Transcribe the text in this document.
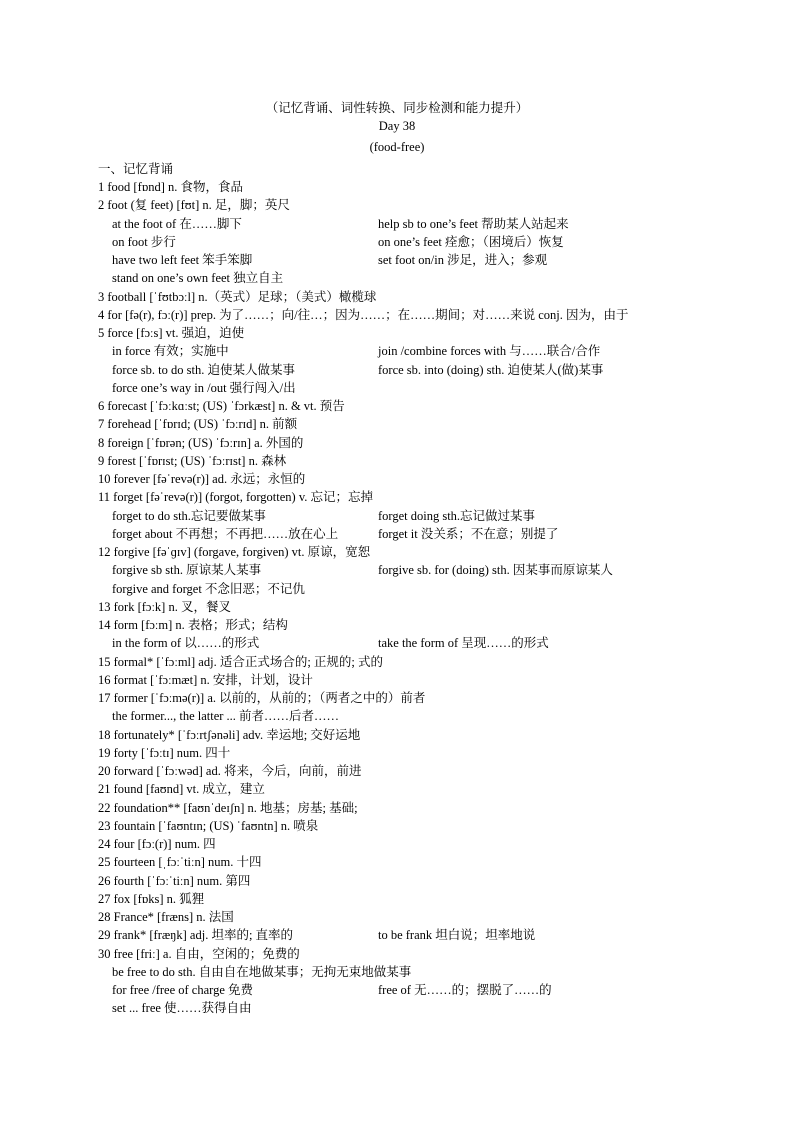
（记忆背诵、词性转换、同步检测和能力提升）
Day 38
(food-free)
一、记忆背诵
1 food [fɒnd] n. 食物，食品
2 foot (复 feet) [fʊt] n. 足，脚；英尺
at the foot of 在……脚下	help sb to one’s feet 帮助某人站起来
on foot 步行	on one’s feet 痊愈；（困境后）恢复
have two left feet 笨手笨脚	set foot on/in 涉足，进入；参观
stand on one’s own feet 独立自主
3 football [ˈfʊtbɔːl] n.（英式）足球；（美式）橄榄球
4 for [fə(r), fɔː(r)] prep. 为了……；向/往…；因为……；在……期间；对……来说 conj. 因为，由于
5 force [fɔːs] vt. 强迫，迫使
in force 有效；实施中	join /combine forces with 与……联合/合作
force sb. to do sth. 迫使某人做某事	force sb. into (doing) sth. 迫使某人(做)某事
force one’s way in /out 强行闯入/出
6 forecast [ˈfɔːkɑːst; (US) ˈfɔrkæst] n. & vt. 预告
7 forehead [ˈfɒrɪd; (US) ˈfɔːrɪd] n. 前额
8 foreign [ˈfɒrən; (US) ˈfɔːrɪn] a. 外国的
9 forest [ˈfɒrɪst; (US) ˈfɔːrɪst] n. 森林
10 forever [fəˈrevə(r)] ad. 永远；永恒的
11 forget [fəˈrevə(r)] (forgot, forgotten) v. 忘记；忘掉
forget to do sth.忘记要做某事	forget doing sth.忘记做过某事
forget about 不再想；不再把……放在心上	forget it 没关系；不在意；别提了
12 forgive [fəˈɡɪv] (forgave, forgiven) vt. 原谅，宽恕
forgive sb sth. 原谅某人某事	forgive sb. for (doing) sth. 因某事而原谅某人
forgive and forget 不念旧恶；不记仇
13 fork [fɔːk] n. 叉，餐叉
14 form [fɔːm] n. 表格；形式；结构
in the form of 以……的形式	take the form of 呈现……的形式
15 formal* [ˈfɔːml] adj. 适合正式场合的; 正规的; 式的
16 format [ˈfɔːmæt] n. 安排，计划，设计
17 former [ˈfɔːmə(r)] a. 以前的，从前的；（两者之中的）前者
the former..., the latter ... 前者……后者……
18 fortunately* [ˈfɔːrtʃənəli] adv. 幸运地; 交好运地
19 forty [ˈfɔːtɪ] num. 四十
20 forward [ˈfɔːwəd] ad. 将来，今后，向前，前进
21 found [faʊnd] vt. 成立，建立
22 foundation** [faʊnˈdeɪʃn] n. 地基；房基; 基础;
23 fountain [ˈfaʊntɪn; (US) ˈfaʊntn] n. 喷泉
24 four [fɔː(r)] num. 四
25 fourteen [ˌfɔːˈtiːn] num. 十四
26 fourth [ˈfɔːˈtiːn] num. 第四
27 fox [fɒks] n. 狐狸
28 France* [fræns] n. 法国
29 frank* [fræŋk] adj. 坦率的; 直率的	to be frank 坦白说；坦率地说
30 free [friː] a. 自由，空闲的；免费的
be free to do sth. 自由自在地做某事；无拘无束地做某事
for free /free of charge 免费	free of 无……的；摆脱了……的
set ... free 使……获得自由
